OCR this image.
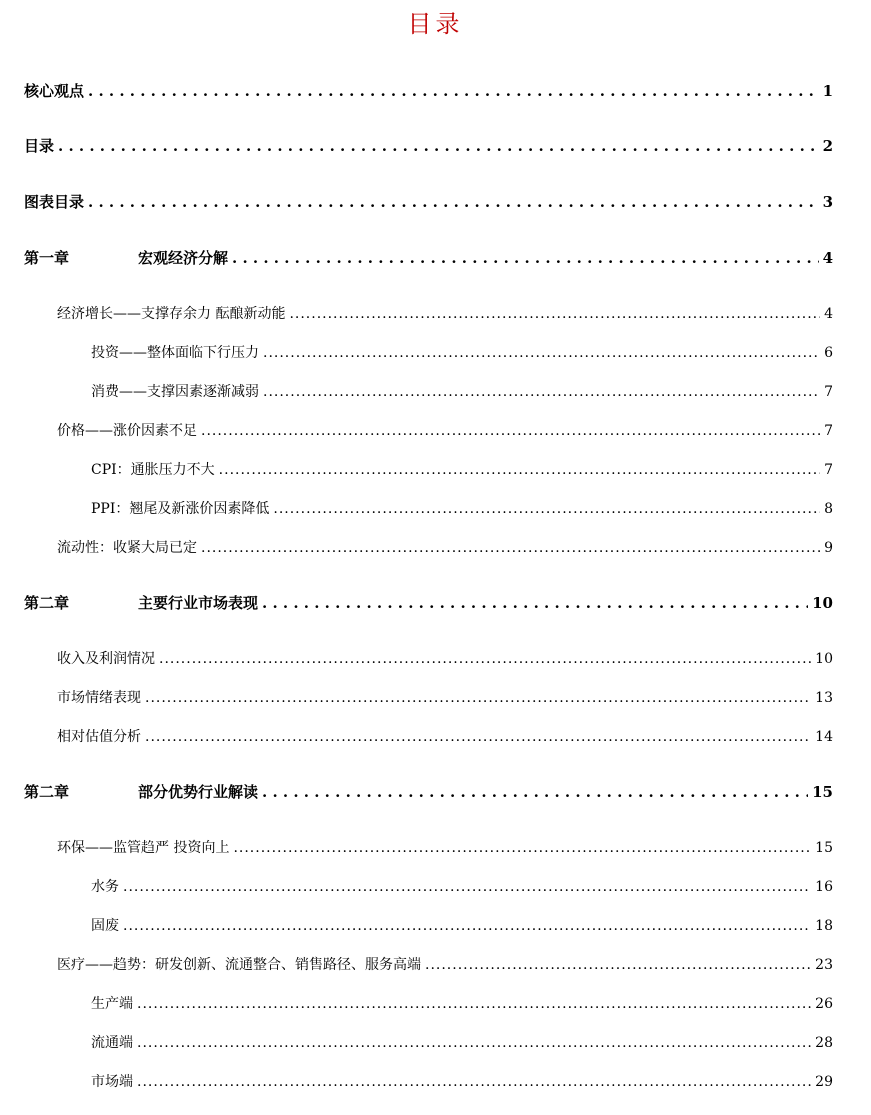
目录
核心观点 . . .	1
目录 . . .	2
图表目录 . . .	3
第一章	宏观经济分解 . . .	4
经济增长——支撑存余力 酝酿新动能 .....	4
投资——整体面临下行压力 .....	6
消费——支撑因素逐渐减弱 .....	7
价格——涨价因素不足 .....	7
CPI：通胀压力不大 .....	7
PPI：翘尾及新涨价因素降低 .....	8
流动性：收紧大局已定 .....	9
第二章	主要行业市场表现 . . .	10
收入及利润情况 .....	10
市场情绪表现 .....	13
相对估值分析 .....	14
第二章	部分优势行业解读 . . .	15
环保——监管趋严 投资向上 .....	15
水务 .....	16
固废 .....	18
医疗——趋势：研发创新、流通整合、销售路径、服务高端 .....	23
生产端 .....	26
流通端 .....	28
市场端 .....	29
